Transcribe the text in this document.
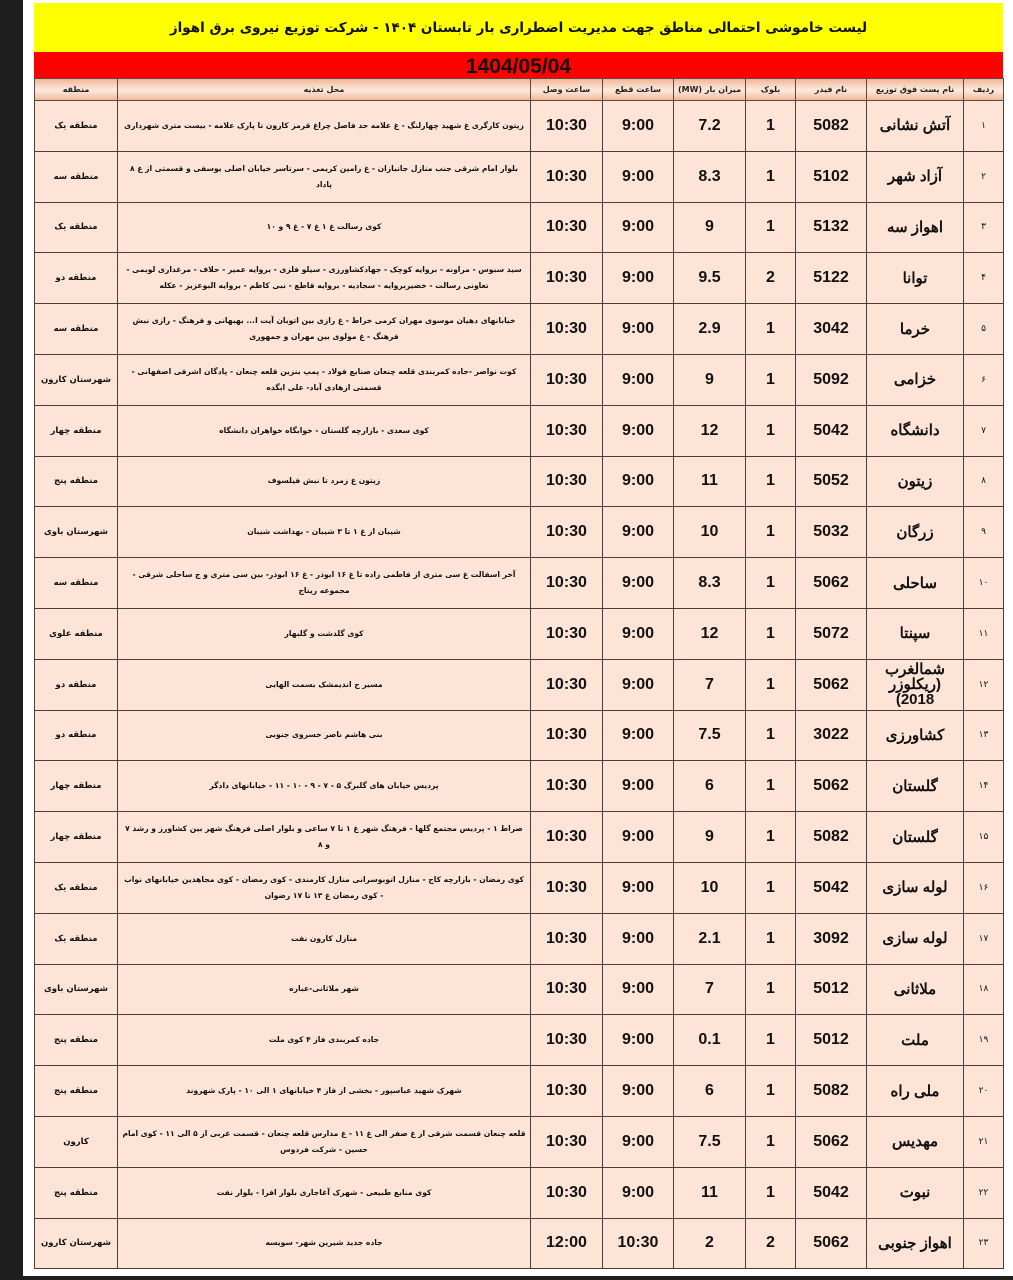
لیست خاموشی احتمالی مناطق جهت مدیریت اضطراری بار تابستان ۱۴۰۴ - شرکت توزیع نیروی برق اهواز
1404/05/04
ردیف	نام پست فوق توزیع	نام فیدر	بلوک	میزان بار (MW)	ساعت قطع	ساعت وصل	محل تغذیه	منطقه
۱	آتش نشانی	5082	1	7.2	9:00	10:30	زیتون کارگری غ شهید چهارلنگ - غ علامه حد فاصل چراغ قرمز کارون تا پارک علامه - بیست متری شهرداری	منطقه یک
۲	آزاد شهر	5102	1	8.3	9:00	10:30	بلوار امام شرقی جنب منازل جانبازان - غ رامین کریمی - سرتاسر خیابان اصلی یوسفی و قسمتی از غ ۸ پاداد	منطقه سه
۳	اهواز سه	5132	1	9	9:00	10:30	کوی رسالت غ ۱ غ ۷ - غ ۹ و ۱۰	منطقه یک
۴	توانا	5122	2	9.5	9:00	10:30	سید سبوس - مراونه - بروایه کوچک - جهادکشاورزی - سیلو فلزی - بروایه عمیر - حلاف - مرغداری لوبمی - تعاونی رسالت - خضیربروایه - سجادیه - بروایه قاطع - نبی کاظم - بروایه البوعزیز - عکله	منطقه دو
۵	خرما	3042	1	2.9	9:00	10:30	خیابانهای دهیان موسوی مهران کرمی خراط - غ رازی بین اتوبان آیت ا... بهبهانی و فرهنگ - رازی نبش فرهنگ - غ مولوی بین مهران و جمهوری	منطقه سه
۶	خزامی	5092	1	9	9:00	10:30	کوت نواصر -جاده کمربندی قلعه چنعان صنایع فولاد - پمپ بنزین قلعه چنعان - پادگان اشرفی اصفهانی - قسمتی ازهادی آباد- علی ابگده	شهرستان کارون
۷	دانشگاه	5042	1	12	9:00	10:30	کوی سعدی - بازارچه گلستان - خوابگاه خواهران دانشگاه	منطقه چهار
۸	زیتون	5052	1	11	9:00	10:30	زیتون غ زمرد تا نبش فیلسوف	منطقه پنج
۹	زرگان	5032	1	10	9:00	10:30	شیبان از غ ۱ تا ۳ شیبان - بهداشت شیبان	شهرستان باوی
۱۰	ساحلی	5062	1	8.3	9:00	10:30	آخر اسفالت غ سی متری از فاطمی زاده تا غ ۱۶ ابوذر - غ ۱۶ ابوذر- بین سی متری و ج ساحلی شرقی - مجموعه ریتاج	منطقه سه
۱۱	سپنتا	5072	1	12	9:00	10:30	کوی گلدشت و گلبهار	منطقه علوی
۱۲	شمالغرب (ریکلوزر 2018)	5062	1	7	9:00	10:30	مسیر ج اندیمشک بسمت الهایی	منطقه دو
۱۳	کشاورزی	3022	1	7.5	9:00	10:30	بنی هاشم ناصر خسروی جنوبی	منطقه دو
۱۴	گلستان	5062	1	6	9:00	10:30	پردیس خیابان های گلبرگ ۵ - ۷ - ۹ - ۱۰ - ۱۱ - خیابانهای دادگر	منطقه چهار
۱۵	گلستان	5082	1	9	9:00	10:30	صراط ۱ - پردیس مجتمع گلها - فرهنگ شهر غ ۱ تا ۷ ساعی و بلوار اصلی فرهنگ شهر بین کشاورز و رشد ۷ و ۸	منطقه چهار
۱۶	لوله سازی	5042	1	10	9:00	10:30	کوی رمضان - بازارچه کاج - منازل اتوبوسرانی منازل کارمندی - کوی رمضان - کوی مجاهدین خیابانهای نواب - کوی رمضان غ ۱۳ تا ۱۷ رضوان	منطقه یک
۱۷	لوله سازی	3092	1	2.1	9:00	10:30	منازل کارون نفت	منطقه یک
۱۸	ملاثانی	5012	1	7	9:00	10:30	شهر ملاثانی-عباره	شهرستان باوی
۱۹	ملت	5012	1	0.1	9:00	10:30	جاده کمربندی فاز ۴ کوی ملت	منطقه پنج
۲۰	ملی راه	5082	1	6	9:00	10:30	شهرک شهید عباسپور - بخشی از فاز ۴ خیابانهای ۱ الی ۱۰ - پارک شهروند	منطقه پنج
۲۱	مهدیس	5062	1	7.5	9:00	10:30	قلعه چنعان قسمت شرقی از غ صفر الی غ ۱۱ - غ مدارس قلعه چنعان - قسمت غربی از ۵ الی ۱۱ - کوی امام حسین - شرکت فردوس	کارون
۲۲	نبوت	5042	1	11	9:00	10:30	کوی منابع طبیعی - شهرک آغاجاری بلوار افرا - بلوار نفت	منطقه پنج
۲۳	اهواز جنوبی	5062	2	2	10:30	12:00	جاده جدید شیرین شهر- سویسه	شهرستان کارون
